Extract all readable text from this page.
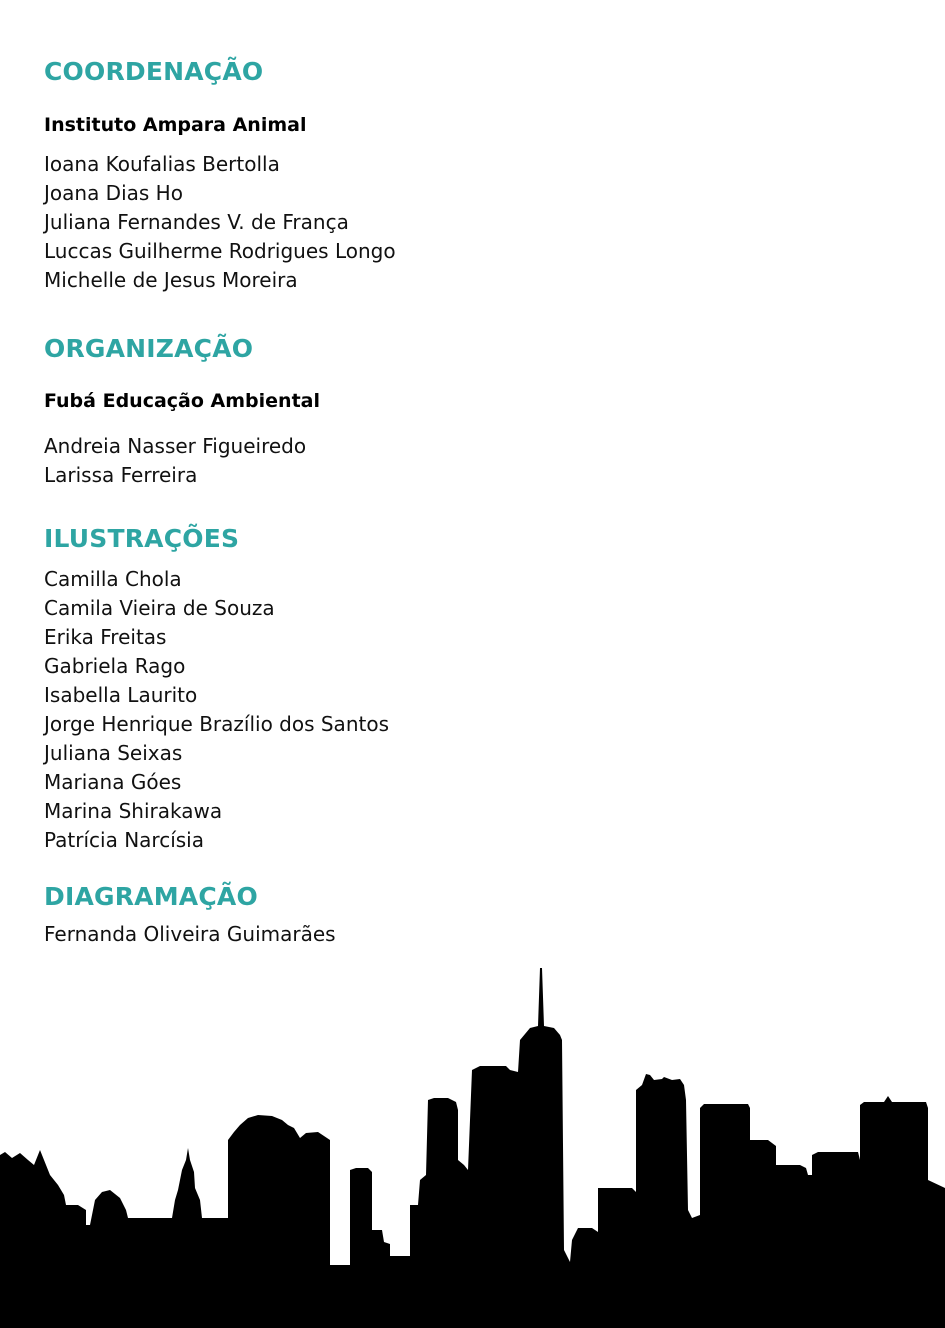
COORDENAÇÃO
Instituto Ampara Animal
Ioana Koufalias Bertolla
Joana Dias Ho
Juliana Fernandes V. de França
Luccas Guilherme Rodrigues Longo
Michelle de Jesus Moreira
ORGANIZAÇÃO
Fubá Educação Ambiental
Andreia Nasser Figueiredo
Larissa Ferreira
ILUSTRAÇÕES
Camilla Chola
Camila Vieira de Souza
Erika Freitas
Gabriela Rago
Isabella Laurito
Jorge Henrique Brazílio dos Santos
Juliana Seixas
Mariana Góes
Marina Shirakawa
Patrícia Narcísia
DIAGRAMAÇÃO
Fernanda Oliveira Guimarães
